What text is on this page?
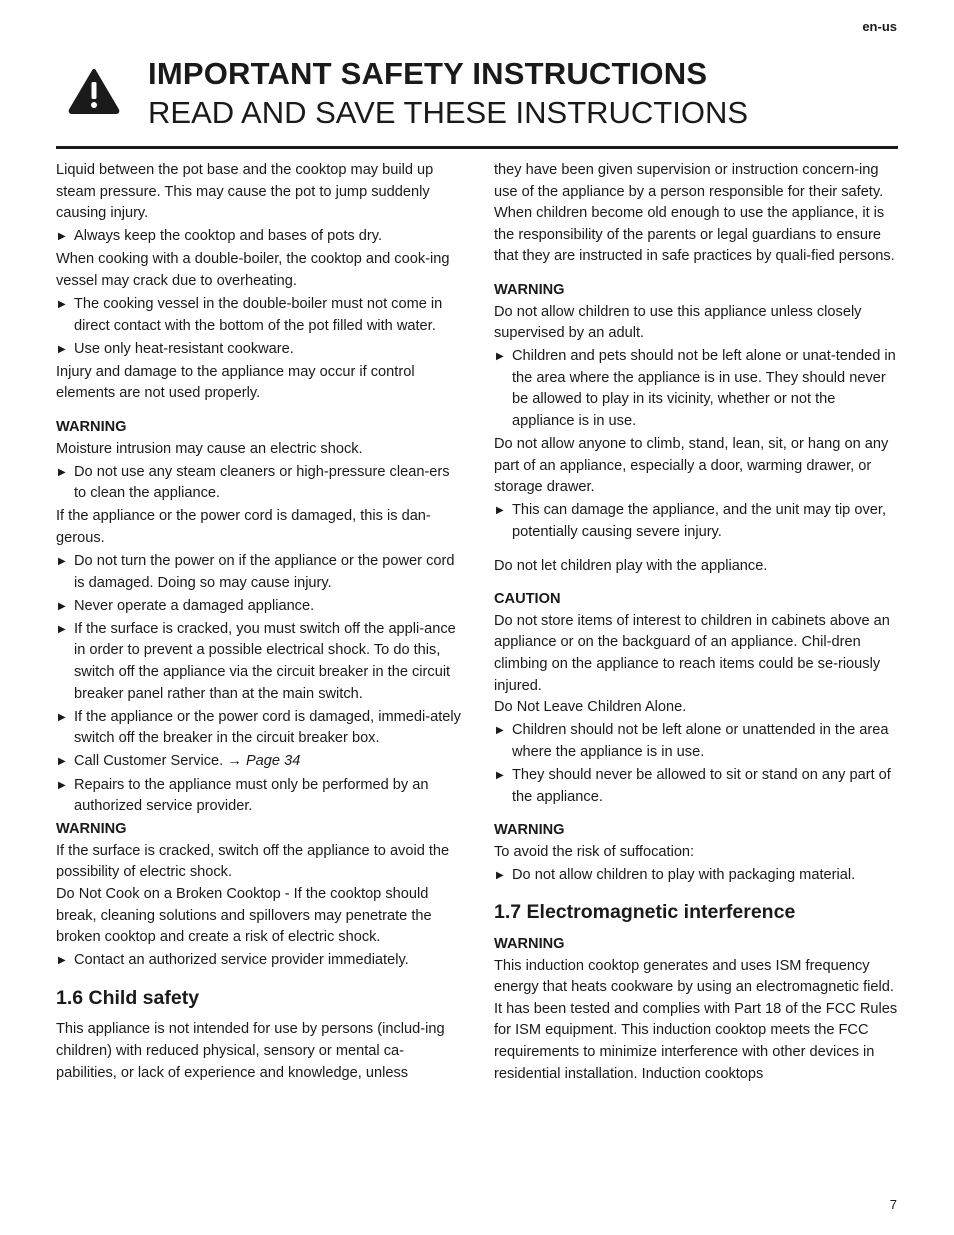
en-us
IMPORTANT SAFETY INSTRUCTIONS
READ AND SAVE THESE INSTRUCTIONS

Liquid between the pot base and the cooktop may build up steam pressure. This may cause the pot to jump suddenly causing injury.

▶ Always keep the cooktop and bases of pots dry.

When cooking with a double-boiler, the cooktop and cook-ing vessel may crack due to overheating.

▶ The cooking vessel in the double-boiler must not come in direct contact with the bottom of the pot filled with water.
▶ Use only heat-resistant cookware.

Injury and damage to the appliance may occur if control elements are not used properly.

WARNING

Moisture intrusion may cause an electric shock.

▶ Do not use any steam cleaners or high-pressure clean-ers to clean the appliance.

If the appliance or the power cord is damaged, this is dan-gerous.

▶ Do not turn the power on if the appliance or the power cord is damaged. Doing so may cause injury.
▶ Never operate a damaged appliance.
▶ If the surface is cracked, you must switch off the appli-ance in order to prevent a possible electrical shock. To do this, switch off the appliance via the circuit breaker in the circuit breaker panel rather than at the main switch.
▶ If the appliance or the power cord is damaged, immedi-ately switch off the breaker in the circuit breaker box.
▶ Call Customer Service. → Page 34
▶ Repairs to the appliance must only be performed by an authorized service provider.

WARNING

If the surface is cracked, switch off the appliance to avoid the possibility of electric shock.

Do Not Cook on a Broken Cooktop - If the cooktop should break, cleaning solutions and spillovers may penetrate the broken cooktop and create a risk of electric shock.

▶ Contact an authorized service provider immediately.
1.6 Child safety

This appliance is not intended for use by persons (includ-ing children) with reduced physical, sensory or mental ca-pabilities, or lack of experience and knowledge, unless

they have been given supervision or instruction concern-ing use of the appliance by a person responsible for their safety.

When children become old enough to use the appliance, it is the responsibility of the parents or legal guardians to ensure that they are instructed in safe practices by quali-fied persons.

WARNING

Do not allow children to use this appliance unless closely supervised by an adult.

▶ Children and pets should not be left alone or unat-tended in the area where the appliance is in use. They should never be allowed to play in its vicinity, whether or not the appliance is in use.

Do not allow anyone to climb, stand, lean, sit, or hang on any part of an appliance, especially a door, warming drawer, or storage drawer.

▶ This can damage the appliance, and the unit may tip over, potentially causing severe injury.

Do not let children play with the appliance.

CAUTION

Do not store items of interest to children in cabinets above an appliance or on the backguard of an appliance. Chil-dren climbing on the appliance to reach items could be se-riously injured.

Do Not Leave Children Alone.

▶ Children should not be left alone or unattended in the area where the appliance is in use.
▶ They should never be allowed to sit or stand on any part of the appliance.

WARNING

To avoid the risk of suffocation:

▶ Do not allow children to play with packaging material.
1.7 Electromagnetic interference

WARNING

This induction cooktop generates and uses ISM frequency energy that heats cookware by using an electromagnetic field. It has been tested and complies with Part 18 of the FCC Rules for ISM equipment. This induction cooktop meets the FCC requirements to minimize interference with other devices in residential installation. Induction cooktops

7
